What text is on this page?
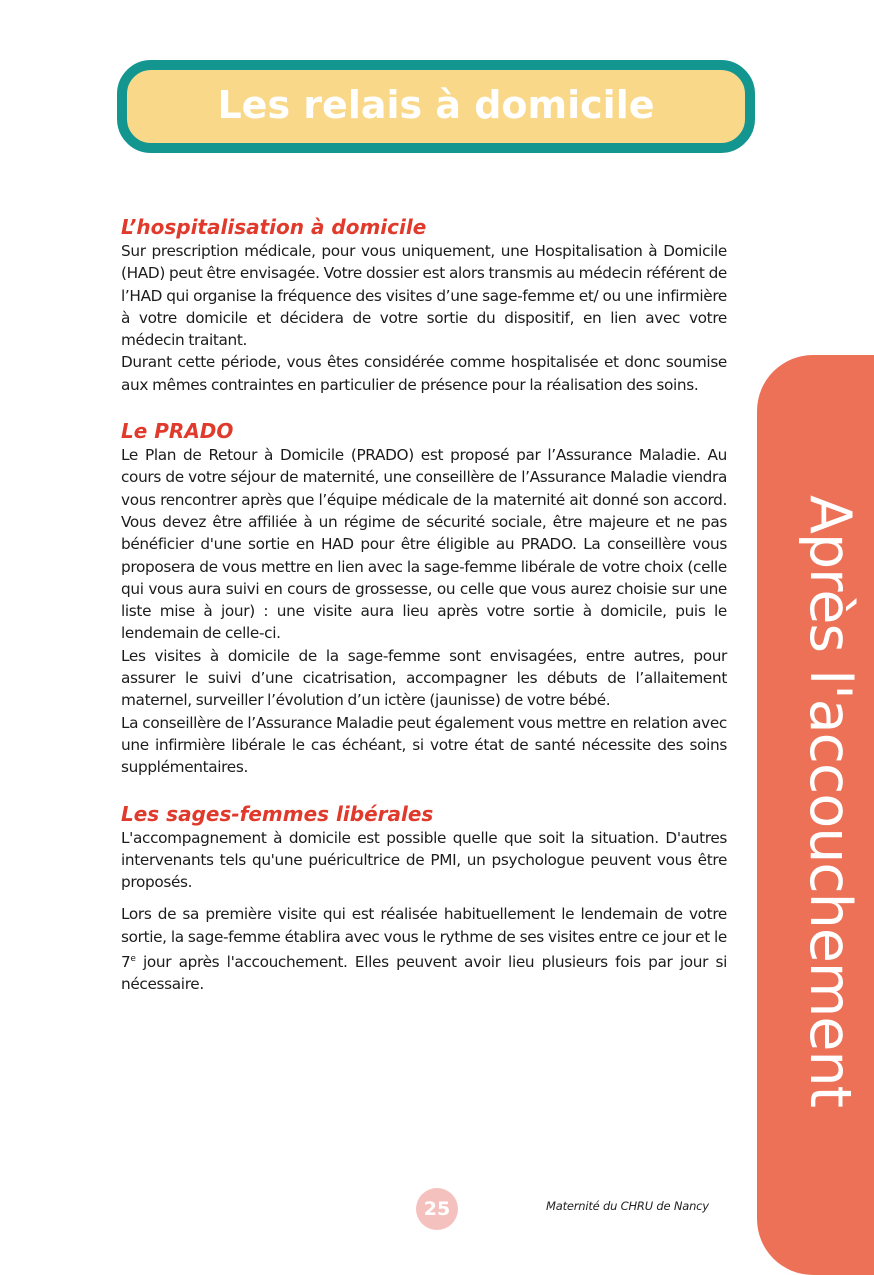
Les relais à domicile
Après l'accouchement
L’hospitalisation à domicile

Sur prescription médicale, pour vous uniquement, une Hospitalisation à Domicile (HAD) peut être envisagée. Votre dossier est alors transmis au médecin référent de l’HAD qui organise la fréquence des visites d’une sage-femme et/ ou une infirmière à votre domicile et décidera de votre sortie du dispositif, en lien avec votre médecin traitant.

Durant cette période, vous êtes considérée comme hospitalisée et donc soumise aux mêmes contraintes en particulier de présence pour la réalisation des soins.

Le PRADO

Le Plan de Retour à Domicile (PRADO) est proposé par l’Assurance Maladie. Au cours de votre séjour de maternité, une conseillère de l’Assurance Maladie viendra vous rencontrer après que l’équipe médicale de la maternité ait donné son accord. Vous devez être affiliée à un régime de sécurité sociale, être majeure et ne pas bénéficier d'une sortie en HAD pour être éligible au PRADO. La conseillère vous proposera de vous mettre en lien avec la sage-femme libérale de votre choix (celle qui vous aura suivi en cours de grossesse, ou celle que vous aurez choisie sur une liste mise à jour) : une visite aura lieu après votre sortie à domicile, puis le lendemain de celle-ci.

Les visites à domicile de la sage-femme sont envisagées, entre autres, pour assurer le suivi d’une cicatrisation, accompagner les débuts de l’allaitement maternel, surveiller l’évolution d’un ictère (jaunisse) de votre bébé.

La conseillère de l’Assurance Maladie peut également vous mettre en relation avec une infirmière libérale le cas échéant, si votre état de santé nécessite des soins supplémentaires.

Les sages-femmes libérales

L'accompagnement à domicile est possible quelle que soit la situation. D'autres intervenants tels qu'une puéricultrice de PMI, un psychologue peuvent vous être proposés.

Lors de sa première visite qui est réalisée habituellement le lendemain de votre sortie, la sage-femme établira avec vous le rythme de ses visites entre ce jour et le 7e jour après l'accouchement. Elles peuvent avoir lieu plusieurs fois par jour si nécessaire.

25	Maternité du CHRU de Nancy
